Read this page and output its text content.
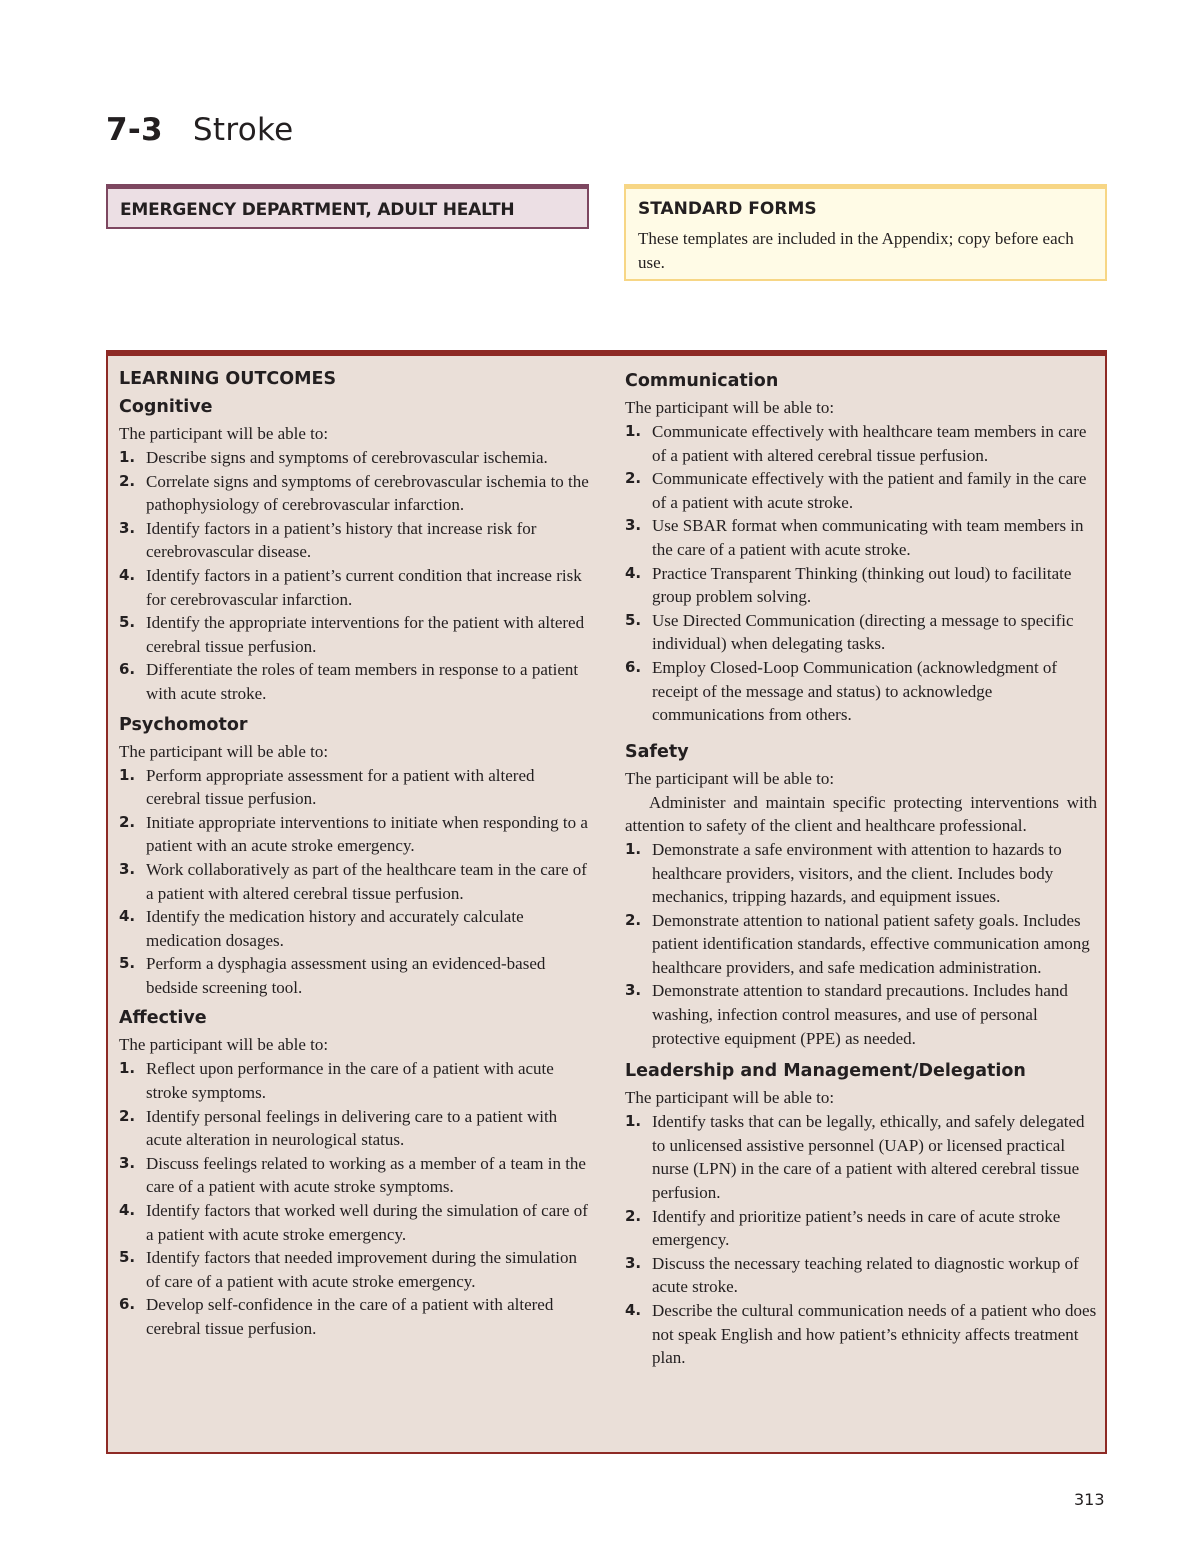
7-3 Stroke
EMERGENCY DEPARTMENT, ADULT HEALTH	STANDARD FORMS
These templates are included in the Appendix; copy before each use.
LEARNING OUTCOMES
Cognitive
The participant will be able to:
1. Describe signs and symptoms of cerebrovascular ischemia.
2. Correlate signs and symptoms of cerebrovascular ischemia to the pathophysiology of cerebrovascular infarction.
3. Identify factors in a patient’s history that increase risk for cerebrovascular disease.
4. Identify factors in a patient’s current condition that increase risk for cerebrovascular infarction.
5. Identify the appropriate interventions for the patient with altered cerebral tissue perfusion.
6. Differentiate the roles of team members in response to a patient with acute stroke.
Psychomotor
The participant will be able to:
1. Perform appropriate assessment for a patient with altered cerebral tissue perfusion.
2. Initiate appropriate interventions to initiate when responding to a patient with an acute stroke emergency.
3. Work collaboratively as part of the healthcare team in the care of a patient with altered cerebral tissue perfusion.
4. Identify the medication history and accurately calculate medication dosages.
5. Perform a dysphagia assessment using an evidenced-based bedside screening tool.
Affective
The participant will be able to:
1. Reflect upon performance in the care of a patient with acute stroke symptoms.
2. Identify personal feelings in delivering care to a patient with acute alteration in neurological status.
3. Discuss feelings related to working as a member of a team in the care of a patient with acute stroke symptoms.
4. Identify factors that worked well during the simulation of care of a patient with acute stroke emergency.
5. Identify factors that needed improvement during the simulation of care of a patient with acute stroke emergency.
6. Develop self-confidence in the care of a patient with altered cerebral tissue perfusion.
Communication
The participant will be able to:
1. Communicate effectively with healthcare team members in care of a patient with altered cerebral tissue perfusion.
2. Communicate effectively with the patient and family in the care of a patient with acute stroke.
3. Use SBAR format when communicating with team members in the care of a patient with acute stroke.
4. Practice Transparent Thinking (thinking out loud) to facilitate group problem solving.
5. Use Directed Communication (directing a message to specific individual) when delegating tasks.
6. Employ Closed-Loop Communication (acknowledgment of receipt of the message and status) to acknowledge communications from others.
Safety
The participant will be able to:
Administer and maintain specific protecting interventions with attention to safety of the client and healthcare professional.
1. Demonstrate a safe environment with attention to hazards to healthcare providers, visitors, and the client. Includes body mechanics, tripping hazards, and equipment issues.
2. Demonstrate attention to national patient safety goals. Includes patient identification standards, effective communication among healthcare providers, and safe medication administration.
3. Demonstrate attention to standard precautions. Includes hand washing, infection control measures, and use of personal protective equipment (PPE) as needed.
Leadership and Management/Delegation
The participant will be able to:
1. Identify tasks that can be legally, ethically, and safely delegated to unlicensed assistive personnel (UAP) or licensed practical nurse (LPN) in the care of a patient with altered cerebral tissue perfusion.
2. Identify and prioritize patient’s needs in care of acute stroke emergency.
3. Discuss the necessary teaching related to diagnostic workup of acute stroke.
4. Describe the cultural communication needs of a patient who does not speak English and how patient’s ethnicity affects treatment plan.
313
